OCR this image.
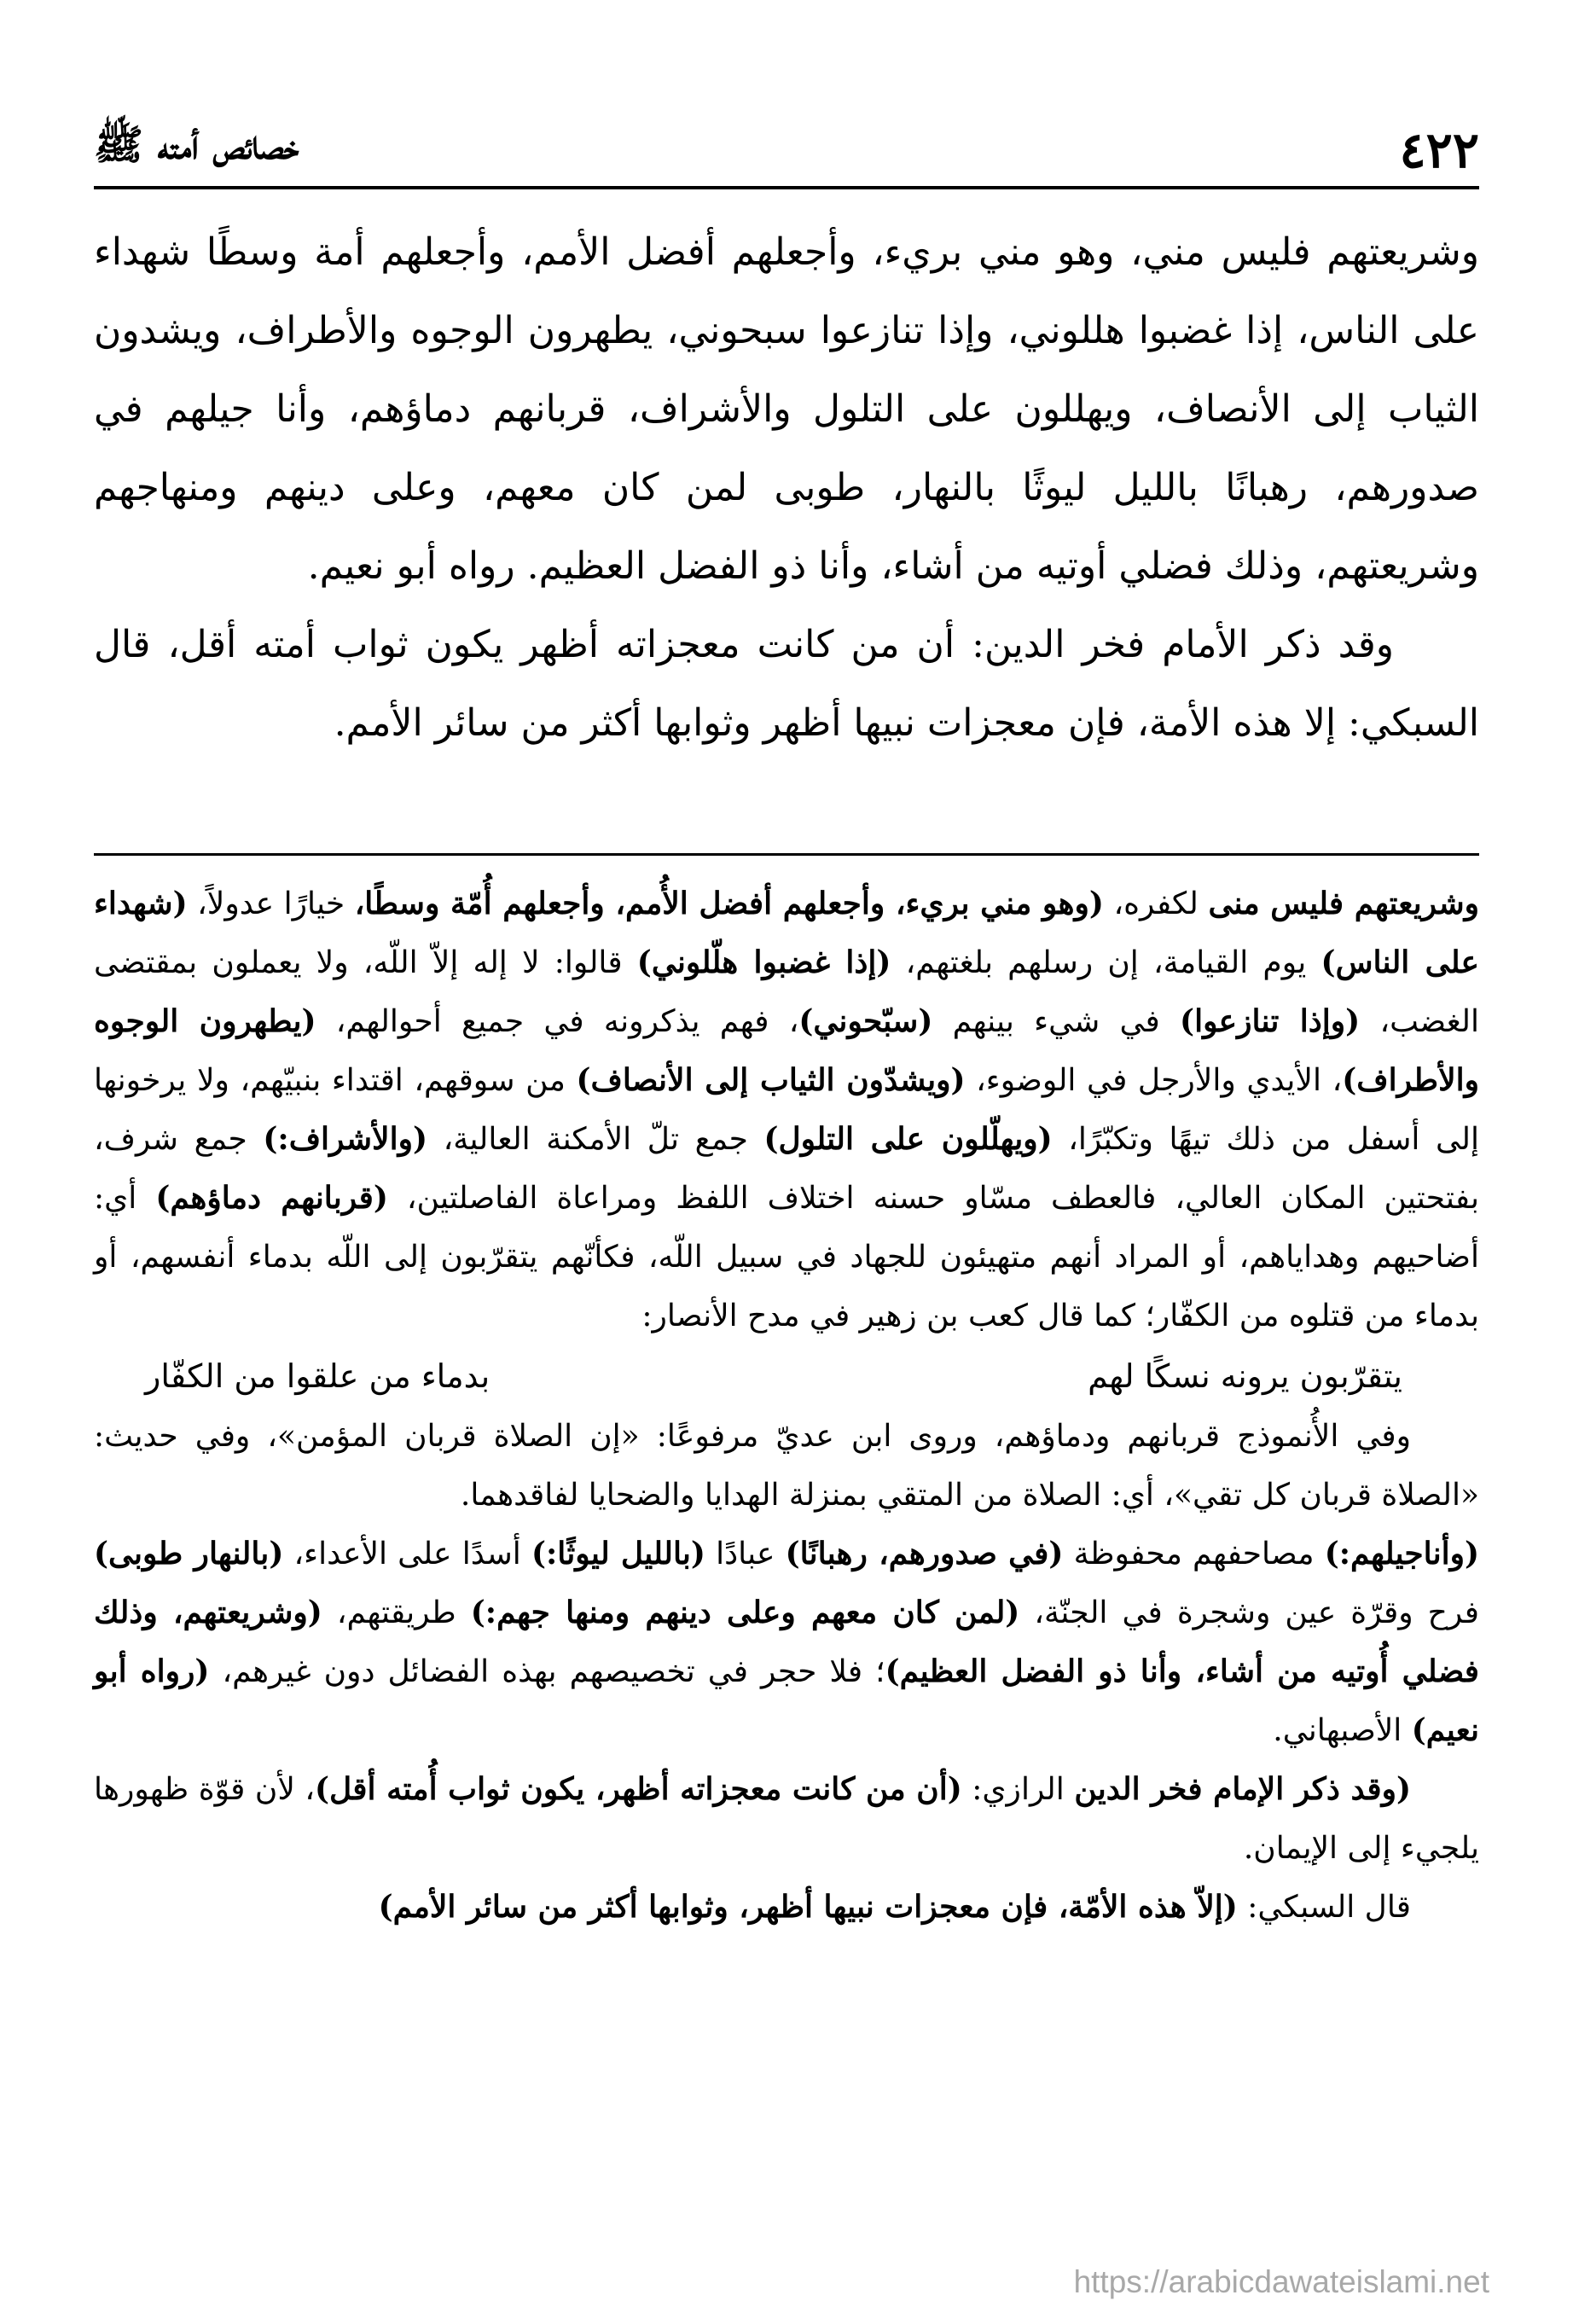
٤٢٢
خصائص أمته ﷺ

وشريعتهم فليس مني، وهو مني بريء، وأجعلهم أفضل الأمم، وأجعلهم أمة وسطًا شهداء على الناس، إذا غضبوا هللوني، وإذا تنازعوا سبحوني، يطهرون الوجوه والأطراف، ويشدون الثياب إلى الأنصاف، ويهللون على التلول والأشراف، قربانهم دماؤهم، وأنا جيلهم في صدورهم، رهبانًا بالليل ليوثًا بالنهار، طوبى لمن كان معهم، وعلى دينهم ومنهاجهم وشريعتهم، وذلك فضلي أوتيه من أشاء، وأنا ذو الفضل العظيم. رواه أبو نعيم.

وقد ذكر الأمام فخر الدين: أن من كانت معجزاته أظهر يكون ثواب أمته أقل، قال السبكي: إلا هذه الأمة، فإن معجزات نبيها أظهر وثوابها أكثر من سائر الأمم.

وشريعتهم فليس منى لكفره، (وهو مني بريء، وأجعلهم أفضل الأُمم، وأجعلهم أُمّة وسطًا، خيارًا عدولاً، (شهداء على الناس) يوم القيامة، إن رسلهم بلغتهم، (إذا غضبوا هلّلوني) قالوا: لا إله إلاّ اللّه، ولا يعملون بمقتضى الغضب، (وإذا تنازعوا) في شيء بينهم (سبّحوني)، فهم يذكرونه في جميع أحوالهم، (يطهرون الوجوه والأطراف)، الأيدي والأرجل في الوضوء، (ويشدّون الثياب إلى الأنصاف) من سوقهم، اقتداء بنبيّهم، ولا يرخونها إلى أسفل من ذلك تيهًا وتكبّرًا، (ويهلّلون على التلول) جمع تلّ الأمكنة العالية، (والأشراف:) جمع شرف، بفتحتين المكان العالي، فالعطف مسّاو حسنه اختلاف اللفظ ومراعاة الفاصلتين، (قربانهم دماؤهم) أي: أضاحيهم وهداياهم، أو المراد أنهم متهيئون للجهاد في سبيل اللّه، فكأنّهم يتقرّبون إلى اللّه بدماء أنفسهم، أو بدماء من قتلوه من الكفّار؛ كما قال كعب بن زهير في مدح الأنصار:

يتقرّبون يرونه نسكًا لهم
بدماء من علقوا من الكفّار

وفي الأُنموذج قربانهم ودماؤهم، وروى ابن عديّ مرفوعًا: «إن الصلاة قربان المؤمن»، وفي حديث: «الصلاة قربان كل تقي»، أي: الصلاة من المتقي بمنزلة الهدايا والضحايا لفاقدهما.

(وأناجيلهم:) مصاحفهم محفوظة (في صدورهم، رهبانًا) عبادًا (بالليل ليوثًا:) أسدًا على الأعداء، (بالنهار طوبى) فرح وقرّة عين وشجرة في الجنّة، (لمن كان معهم وعلى دينهم ومنها جهم:) طريقتهم، (وشريعتهم، وذلك فضلي أُوتيه من أشاء، وأنا ذو الفضل العظيم)؛ فلا حجر في تخصيصهم بهذه الفضائل دون غيرهم، (رواه أبو نعيم) الأصبهاني.

(وقد ذكر الإمام فخر الدين الرازي: (أن من كانت معجزاته أظهر، يكون ثواب أُمته أقل)، لأن قوّة ظهورها يلجيء إلى الإيمان.

قال السبكي: (إلاّ هذه الأمّة، فإن معجزات نبيها أظهر، وثوابها أكثر من سائر الأمم)

https://arabicdawateislami.net
